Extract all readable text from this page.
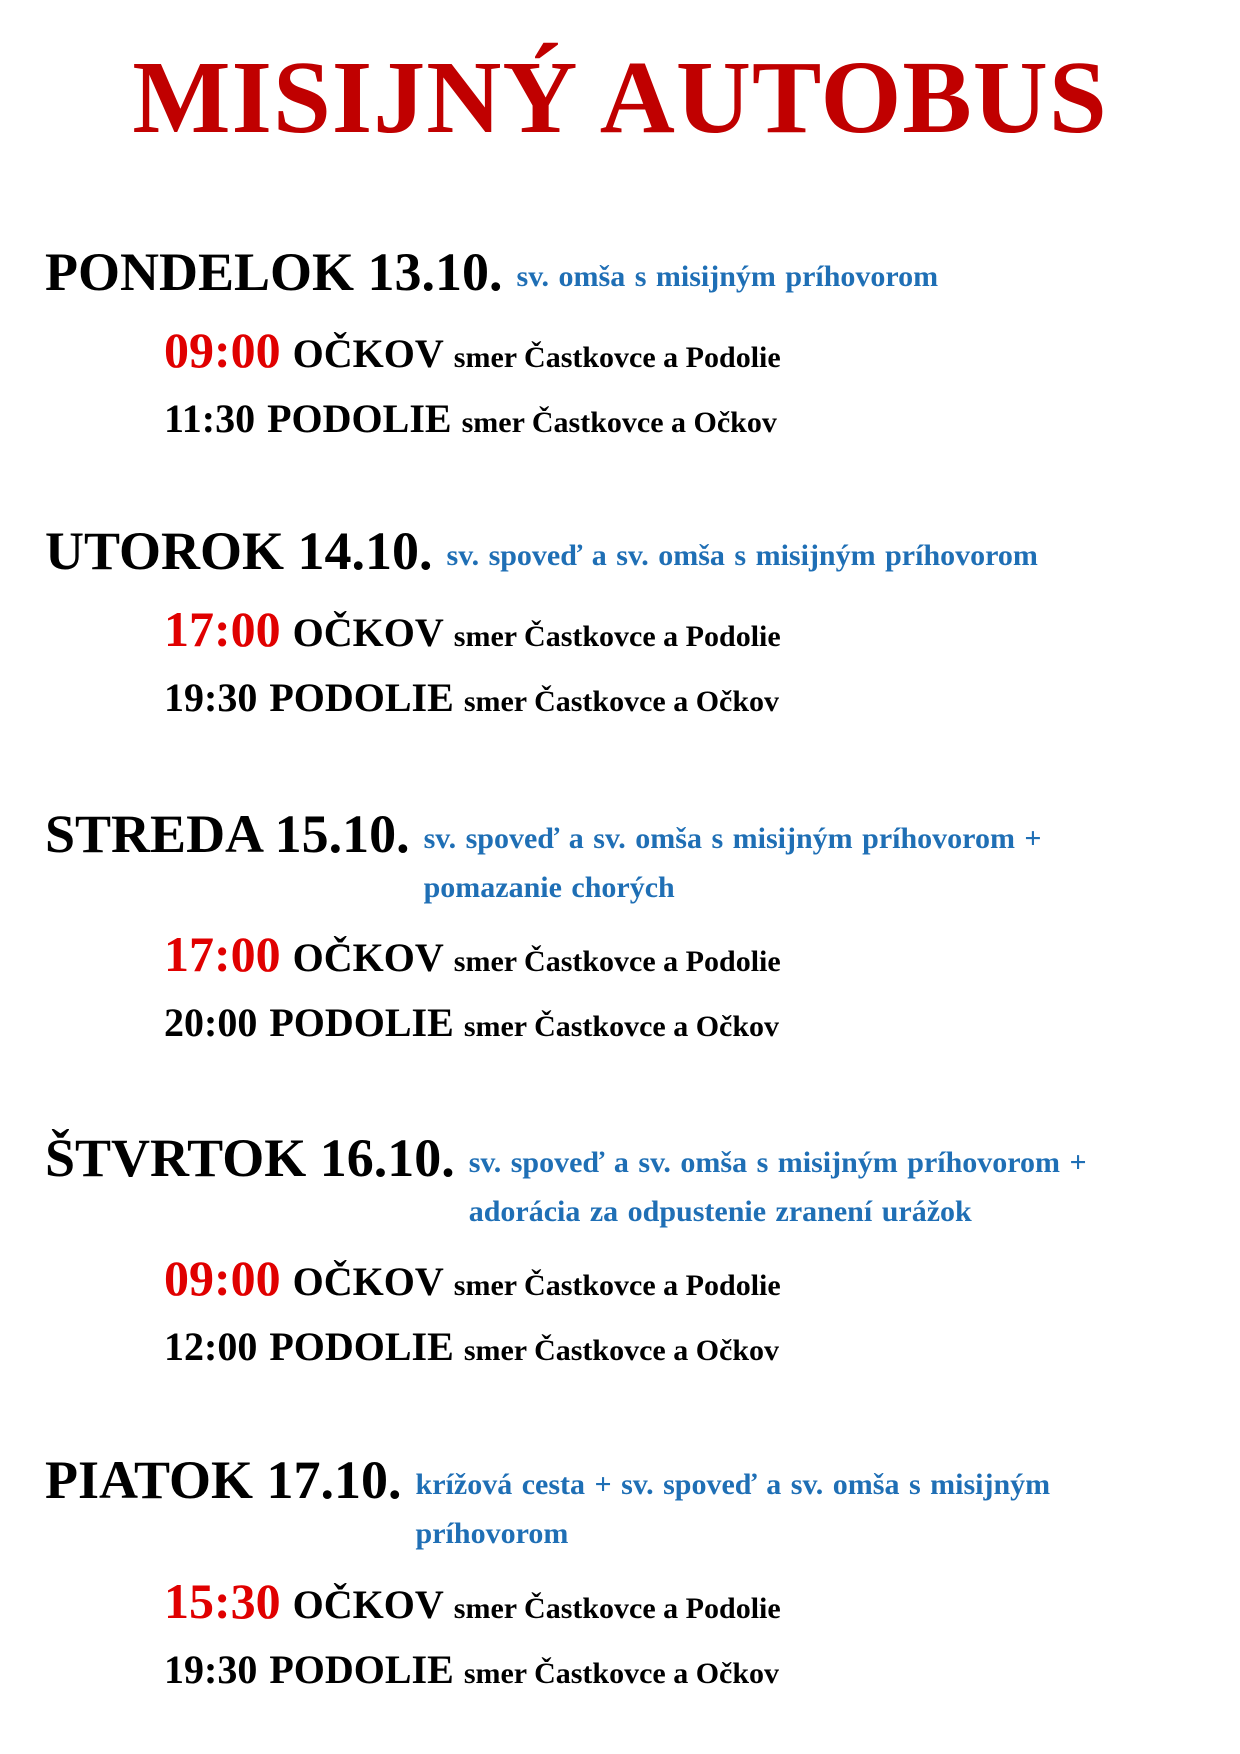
MISIJNÝ AUTOBUS
PONDELOK 13.10. sv. omša s misijným príhovorom
09:00 OČKOV smer Častkovce a Podolie
11:30 PODOLIE smer Častkovce a Očkov
UTOROK 14.10. sv. spoveď a sv. omša s misijným príhovorom
17:00 OČKOV smer Častkovce a Podolie
19:30 PODOLIE smer Častkovce a Očkov
STREDA 15.10. sv. spoveď a sv. omša s misijným príhovorom + pomazanie chorých
17:00 OČKOV smer Častkovce a Podolie
20:00 PODOLIE smer Častkovce a Očkov
ŠTVRTOK 16.10. sv. spoveď a sv. omša s misijným príhovorom + adorácia za odpustenie zranení urážok
09:00 OČKOV smer Častkovce a Podolie
12:00 PODOLIE smer Častkovce a Očkov
PIATOK 17.10. krížová cesta + sv. spoveď a sv. omša s misijným príhovorom
15:30 OČKOV smer Častkovce a Podolie
19:30 PODOLIE smer Častkovce a Očkov
